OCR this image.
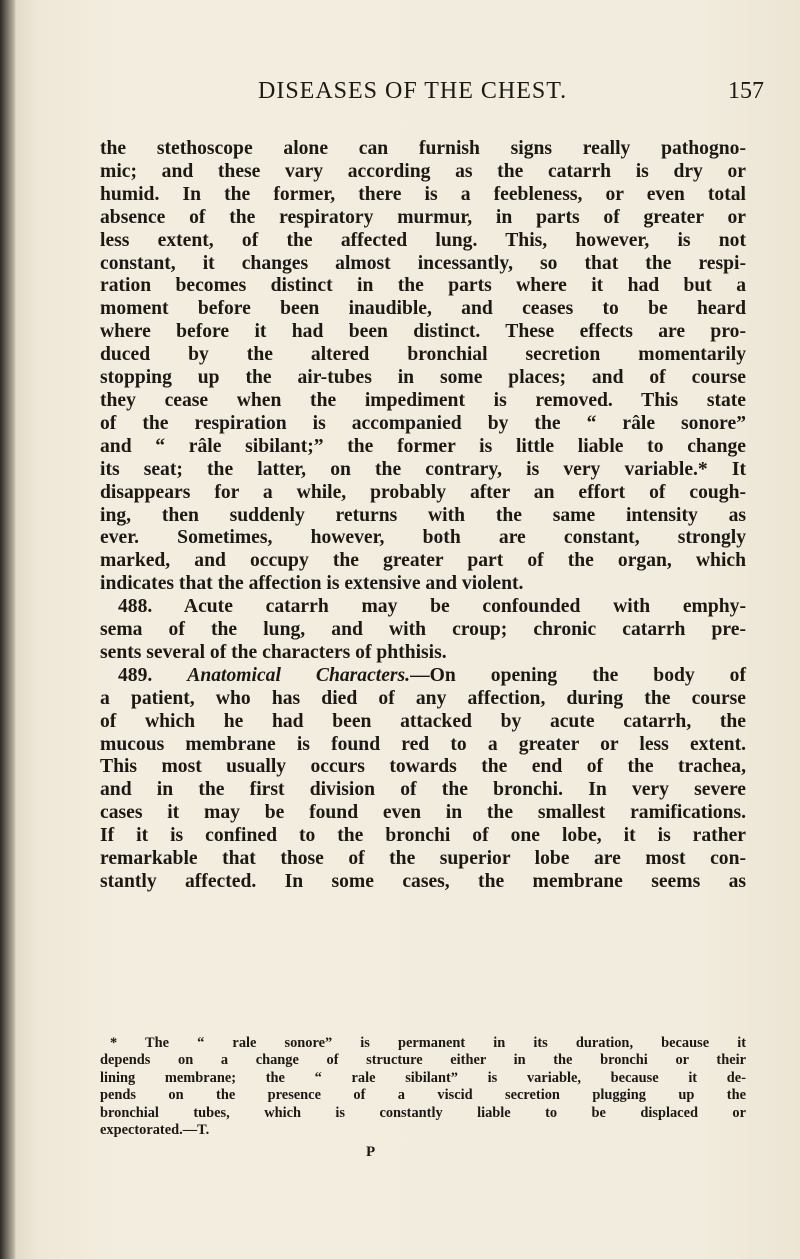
DISEASES OF THE CHEST.	157
the stethoscope alone can furnish signs really pathogno-
mic; and these vary according as the catarrh is dry or
humid. In the former, there is a feebleness, or even total
absence of the respiratory murmur, in parts of greater or
less extent, of the affected lung. This, however, is not
constant, it changes almost incessantly, so that the respi-
ration becomes distinct in the parts where it had but a
moment before been inaudible, and ceases to be heard
where before it had been distinct. These effects are pro-
duced by the altered bronchial secretion momentarily
stopping up the air-tubes in some places; and of course
they cease when the impediment is removed. This state
of the respiration is accompanied by the “ râle sonore”
and “ râle sibilant;” the former is little liable to change
its seat; the latter, on the contrary, is very variable.* It
disappears for a while, probably after an effort of cough-
ing, then suddenly returns with the same intensity as
ever. Sometimes, however, both are constant, strongly
marked, and occupy the greater part of the organ, which
indicates that the affection is extensive and violent.
488. Acute catarrh may be confounded with emphy-
sema of the lung, and with croup; chronic catarrh pre-
sents several of the characters of phthisis.
489. Anatomical Characters.—On opening the body of
a patient, who has died of any affection, during the course
of which he had been attacked by acute catarrh, the
mucous membrane is found red to a greater or less extent.
This most usually occurs towards the end of the trachea,
and in the first division of the bronchi. In very severe
cases it may be found even in the smallest ramifications.
If it is confined to the bronchi of one lobe, it is rather
remarkable that those of the superior lobe are most con-
stantly affected. In some cases, the membrane seems as
* The “ rale sonore” is permanent in its duration, because it
depends on a change of structure either in the bronchi or their
lining membrane; the “ rale sibilant” is variable, because it de-
pends on the presence of a viscid secretion plugging up the
bronchial tubes, which is constantly liable to be displaced or
expectorated.—T.
P
